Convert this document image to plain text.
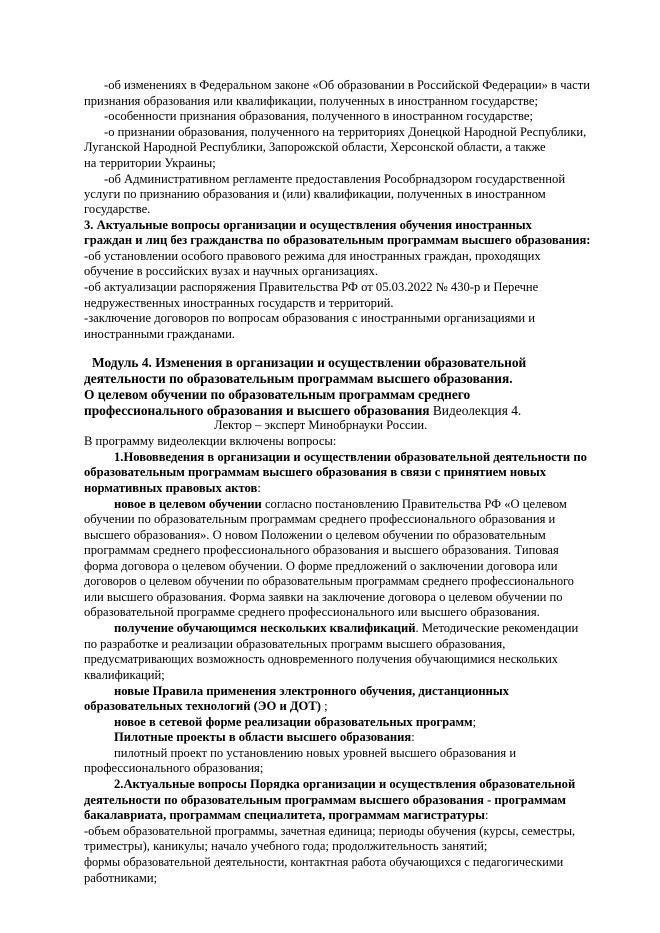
-об изменениях в Федеральном законе «Об образовании в Российской Федерации» в части
признания образования или квалификации, полученных в иностранном государстве;
-особенности признания образования, полученного в иностранном государстве;
-о признании образования, полученного на территориях Донецкой Народной Республики,
Луганской Народной Республики, Запорожской области, Херсонской области, а также
на территории Украины;
-об Административном регламенте предоставления Рособрнадзором государственной
услуги по признанию образования и (или) квалификации, полученных в иностранном
государстве.
3. Актуальные вопросы организации и осуществления обучения иностранных
граждан и лиц без гражданства по образовательным программам высшего образования:
-об установлении особого правового режима для иностранных граждан, проходящих
обучение в российских вузах и научных организациях.
-об актуализации распоряжения Правительства РФ от 05.03.2022 № 430-р и Перечне
недружественных иностранных государств и территорий.
-заключение договоров по вопросам образования с иностранными организациями и
иностранными гражданами.
Модуль 4. Изменения в организации и осуществлении образовательной
деятельности по образовательным программам высшего образования.
О целевом обучении по образовательным программам среднего
профессионального образования и высшего образования Видеолекция 4.
Лектор – эксперт Минобрнауки России.
В программу видеолекции включены вопросы:
1.Нововведения в организации и осуществлении образовательной деятельности по
образовательным программам высшего образования в связи с принятием новых
нормативных правовых актов:
новое в целевом обучении согласно постановлению Правительства РФ «О целевом
обучении по образовательным программам среднего профессионального образования и
высшего образования». О новом Положении о целевом обучении по образовательным
программам среднего профессионального образования и высшего образования. Типовая
форма договора о целевом обучении. О форме предложений о заключении договора или
договоров о целевом обучении по образовательным программам среднего профессионального
или высшего образования. Форма заявки на заключение договора о целевом обучении по
образовательной программе среднего профессионального или высшего образования.
получение обучающимся нескольких квалификаций. Методические рекомендации
по разработке и реализации образовательных программ высшего образования,
предусматривающих возможность одновременного получения обучающимися нескольких
квалификаций;
новые Правила применения электронного обучения, дистанционных
образовательных технологий (ЭО и ДОТ) ;
новое в сетевой форме реализации образовательных программ;
Пилотные проекты в области высшего образования:
пилотный проект по установлению новых уровней высшего образования и
профессионального образования;
2.Актуальные вопросы Порядка организации и осуществления образовательной
деятельности по образовательным программам высшего образования - программам
бакалавриата, программам специалитета, программам магистратуры:
-объем образовательной программы, зачетная единица; периоды обучения (курсы, семестры,
триместры), каникулы; начало учебного года; продолжительность занятий;
формы образовательной деятельности, контактная работа обучающихся с педагогическими
работниками;
